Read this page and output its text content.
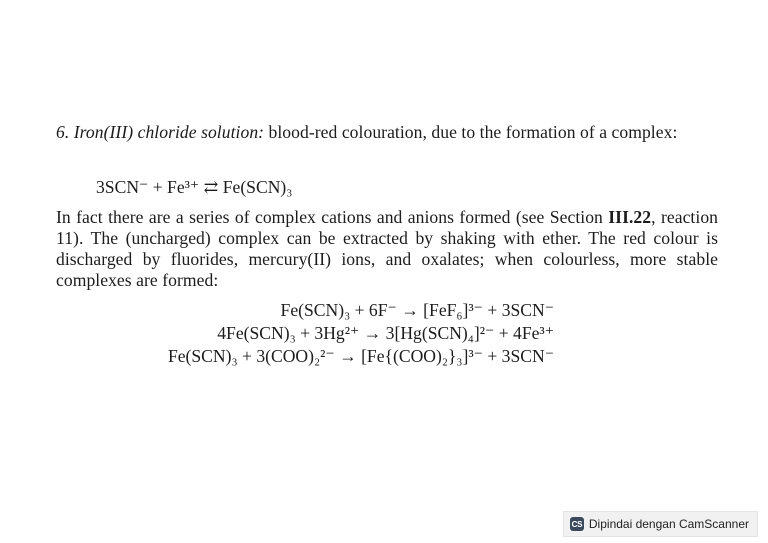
6. Iron(III) chloride solution: blood-red colouration, due to the formation of a complex:

3SCN⁻ + Fe³⁺ ⇄ Fe(SCN)₃

In fact there are a series of complex cations and anions formed (see Section III.22, reaction 11). The (uncharged) complex can be extracted by shaking with ether. The red colour is discharged by fluorides, mercury(II) ions, and oxalates; when colourless, more stable complexes are formed:

Fe(SCN)₃ + 6F⁻ → [FeF₆]³⁻ + 3SCN⁻
4Fe(SCN)₃ + 3Hg²⁺ → 3[Hg(SCN)₄]²⁻ + 4Fe³⁺
Fe(SCN)₃ + 3(COO)₂²⁻ → [Fe{(COO)₂}₃]³⁻ + 3SCN⁻
CS Dipindai dengan CamScanner
